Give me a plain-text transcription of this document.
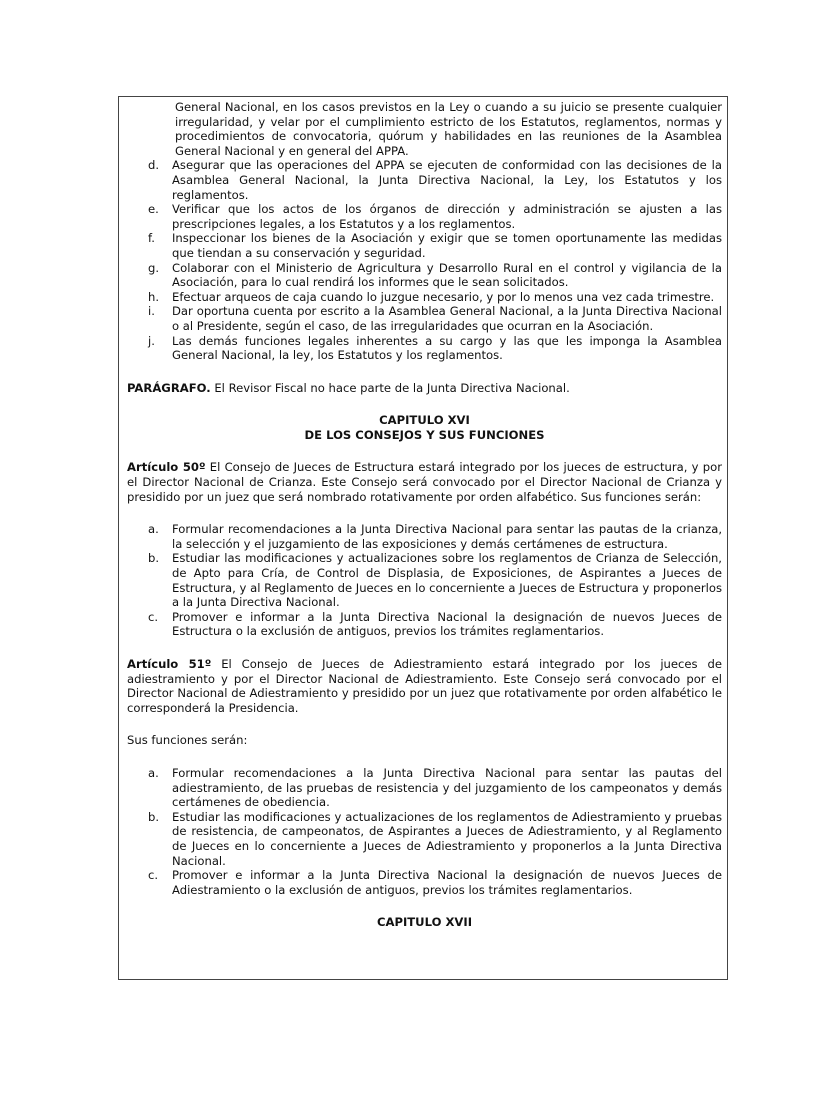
General Nacional, en los casos previstos en la Ley o cuando a su juicio se presente cualquier irregularidad, y velar por el cumplimiento estricto de los Estatutos, reglamentos, normas y procedimientos de convocatoria, quórum y habilidades en las reuniones de la Asamblea General Nacional y en general del APPA.

d.	Asegurar que las operaciones del APPA se ejecuten de conformidad con las decisiones de la Asamblea General Nacional, la Junta Directiva Nacional, la Ley, los Estatutos y los reglamentos.
e.	Verificar que los actos de los órganos de dirección y administración se ajusten a las prescripciones legales, a los Estatutos y a los reglamentos.
f.	Inspeccionar los bienes de la Asociación y exigir que se tomen oportunamente las medidas que tiendan a su conservación y seguridad.
g.	Colaborar con el Ministerio de Agricultura y Desarrollo Rural en el control y vigilancia de la Asociación, para lo cual rendirá los informes que le sean solicitados.
h.	Efectuar arqueos de caja cuando lo juzgue necesario, y por lo menos una vez cada trimestre.
i.	Dar oportuna cuenta por escrito a la Asamblea General Nacional, a la Junta Directiva Nacional o al Presidente, según el caso, de las irregularidades que ocurran en la Asociación.
j.	Las demás funciones legales inherentes a su cargo y las que les imponga la Asamblea General Nacional, la ley, los Estatutos y los reglamentos.

PARÁGRAFO. El Revisor Fiscal no hace parte de la Junta Directiva Nacional.

CAPITULO XVI
DE LOS CONSEJOS Y SUS FUNCIONES

Artículo 50º El Consejo de Jueces de Estructura estará integrado por los jueces de estructura, y por el Director Nacional de Crianza. Este Consejo será convocado por el Director Nacional de Crianza y presidido por un juez que será nombrado rotativamente por orden alfabético. Sus funciones serán:

a.	Formular recomendaciones a la Junta Directiva Nacional para sentar las pautas de la crianza, la selección y el juzgamiento de las exposiciones y demás certámenes de estructura.
b.	Estudiar las modificaciones y actualizaciones sobre los reglamentos de Crianza de Selección, de Apto para Cría, de Control de Displasia, de Exposiciones, de Aspirantes a Jueces de Estructura, y al Reglamento de Jueces en lo concerniente a Jueces de Estructura y proponerlos a la Junta Directiva Nacional.
c.	Promover e informar a la Junta Directiva Nacional la designación de nuevos Jueces de Estructura o la exclusión de antiguos, previos los trámites reglamentarios.

Artículo 51º El Consejo de Jueces de Adiestramiento estará integrado por los jueces de adiestramiento y por el Director Nacional de Adiestramiento. Este Consejo será convocado por el Director Nacional de Adiestramiento y presidido por un juez que rotativamente por orden alfabético le corresponderá la Presidencia.

Sus funciones serán:

a.	Formular recomendaciones a la Junta Directiva Nacional para sentar las pautas del adiestramiento, de las pruebas de resistencia y del juzgamiento de los campeonatos y demás certámenes de obediencia.
b.	Estudiar las modificaciones y actualizaciones de los reglamentos de Adiestramiento y pruebas de resistencia, de campeonatos, de Aspirantes a Jueces de Adiestramiento, y al Reglamento de Jueces en lo concerniente a Jueces de Adiestramiento y proponerlos a la Junta Directiva Nacional.
c.	Promover e informar a la Junta Directiva Nacional la designación de nuevos Jueces de Adiestramiento o la exclusión de antiguos, previos los trámites reglamentarios.
CAPITULO XVII
